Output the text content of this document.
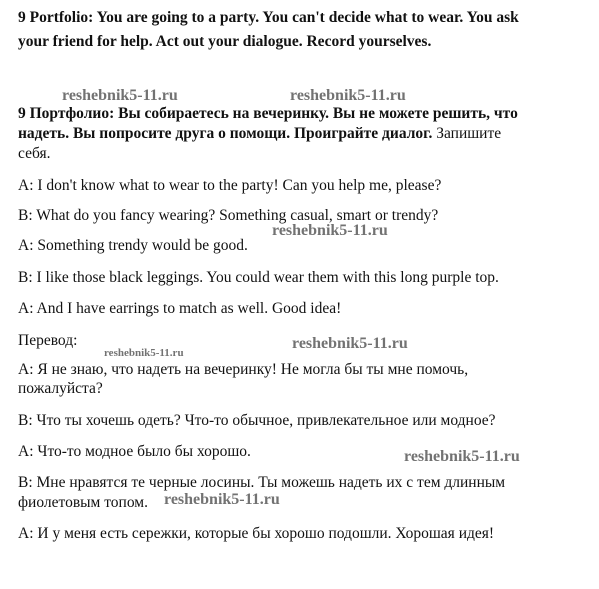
9 Portfolio: You are going to a party. You can't decide what to wear. You ask
your friend for help. Act out your dialogue. Record yourselves.
reshebnik5-11.ru	reshebnik5-11.ru
9 Портфолио: Вы собираетесь на вечеринку. Вы не можете решить, что
надеть. Вы попросите друга о помощи. Проиграйте диалог. Запишите
себя.
A: I don't know what to wear to the party! Can you help me, please?
B: What do you fancy wearing? Something casual, smart or trendy?
reshebnik5-11.ru
A: Something trendy would be good.
B: I like those black leggings. You could wear them with this long purple top.
A: And I have earrings to match as well. Good idea!
Перевод:	reshebnik5-11.ru
reshebnik5-11.ru
A: Я не знаю, что надеть на вечеринку! Не могла бы ты мне помочь,
пожалуйста?
B: Что ты хочешь одеть? Что-то обычное, привлекательное или модное?
A: Что-то модное было бы хорошо.	reshebnik5-11.ru
B: Мне нравятся те черные лосины. Ты можешь надеть их с тем длинным
фиолетовым топом. reshebnik5-11.ru
A: И у меня есть сережки, которые бы хорошо подошли. Хорошая идея!
